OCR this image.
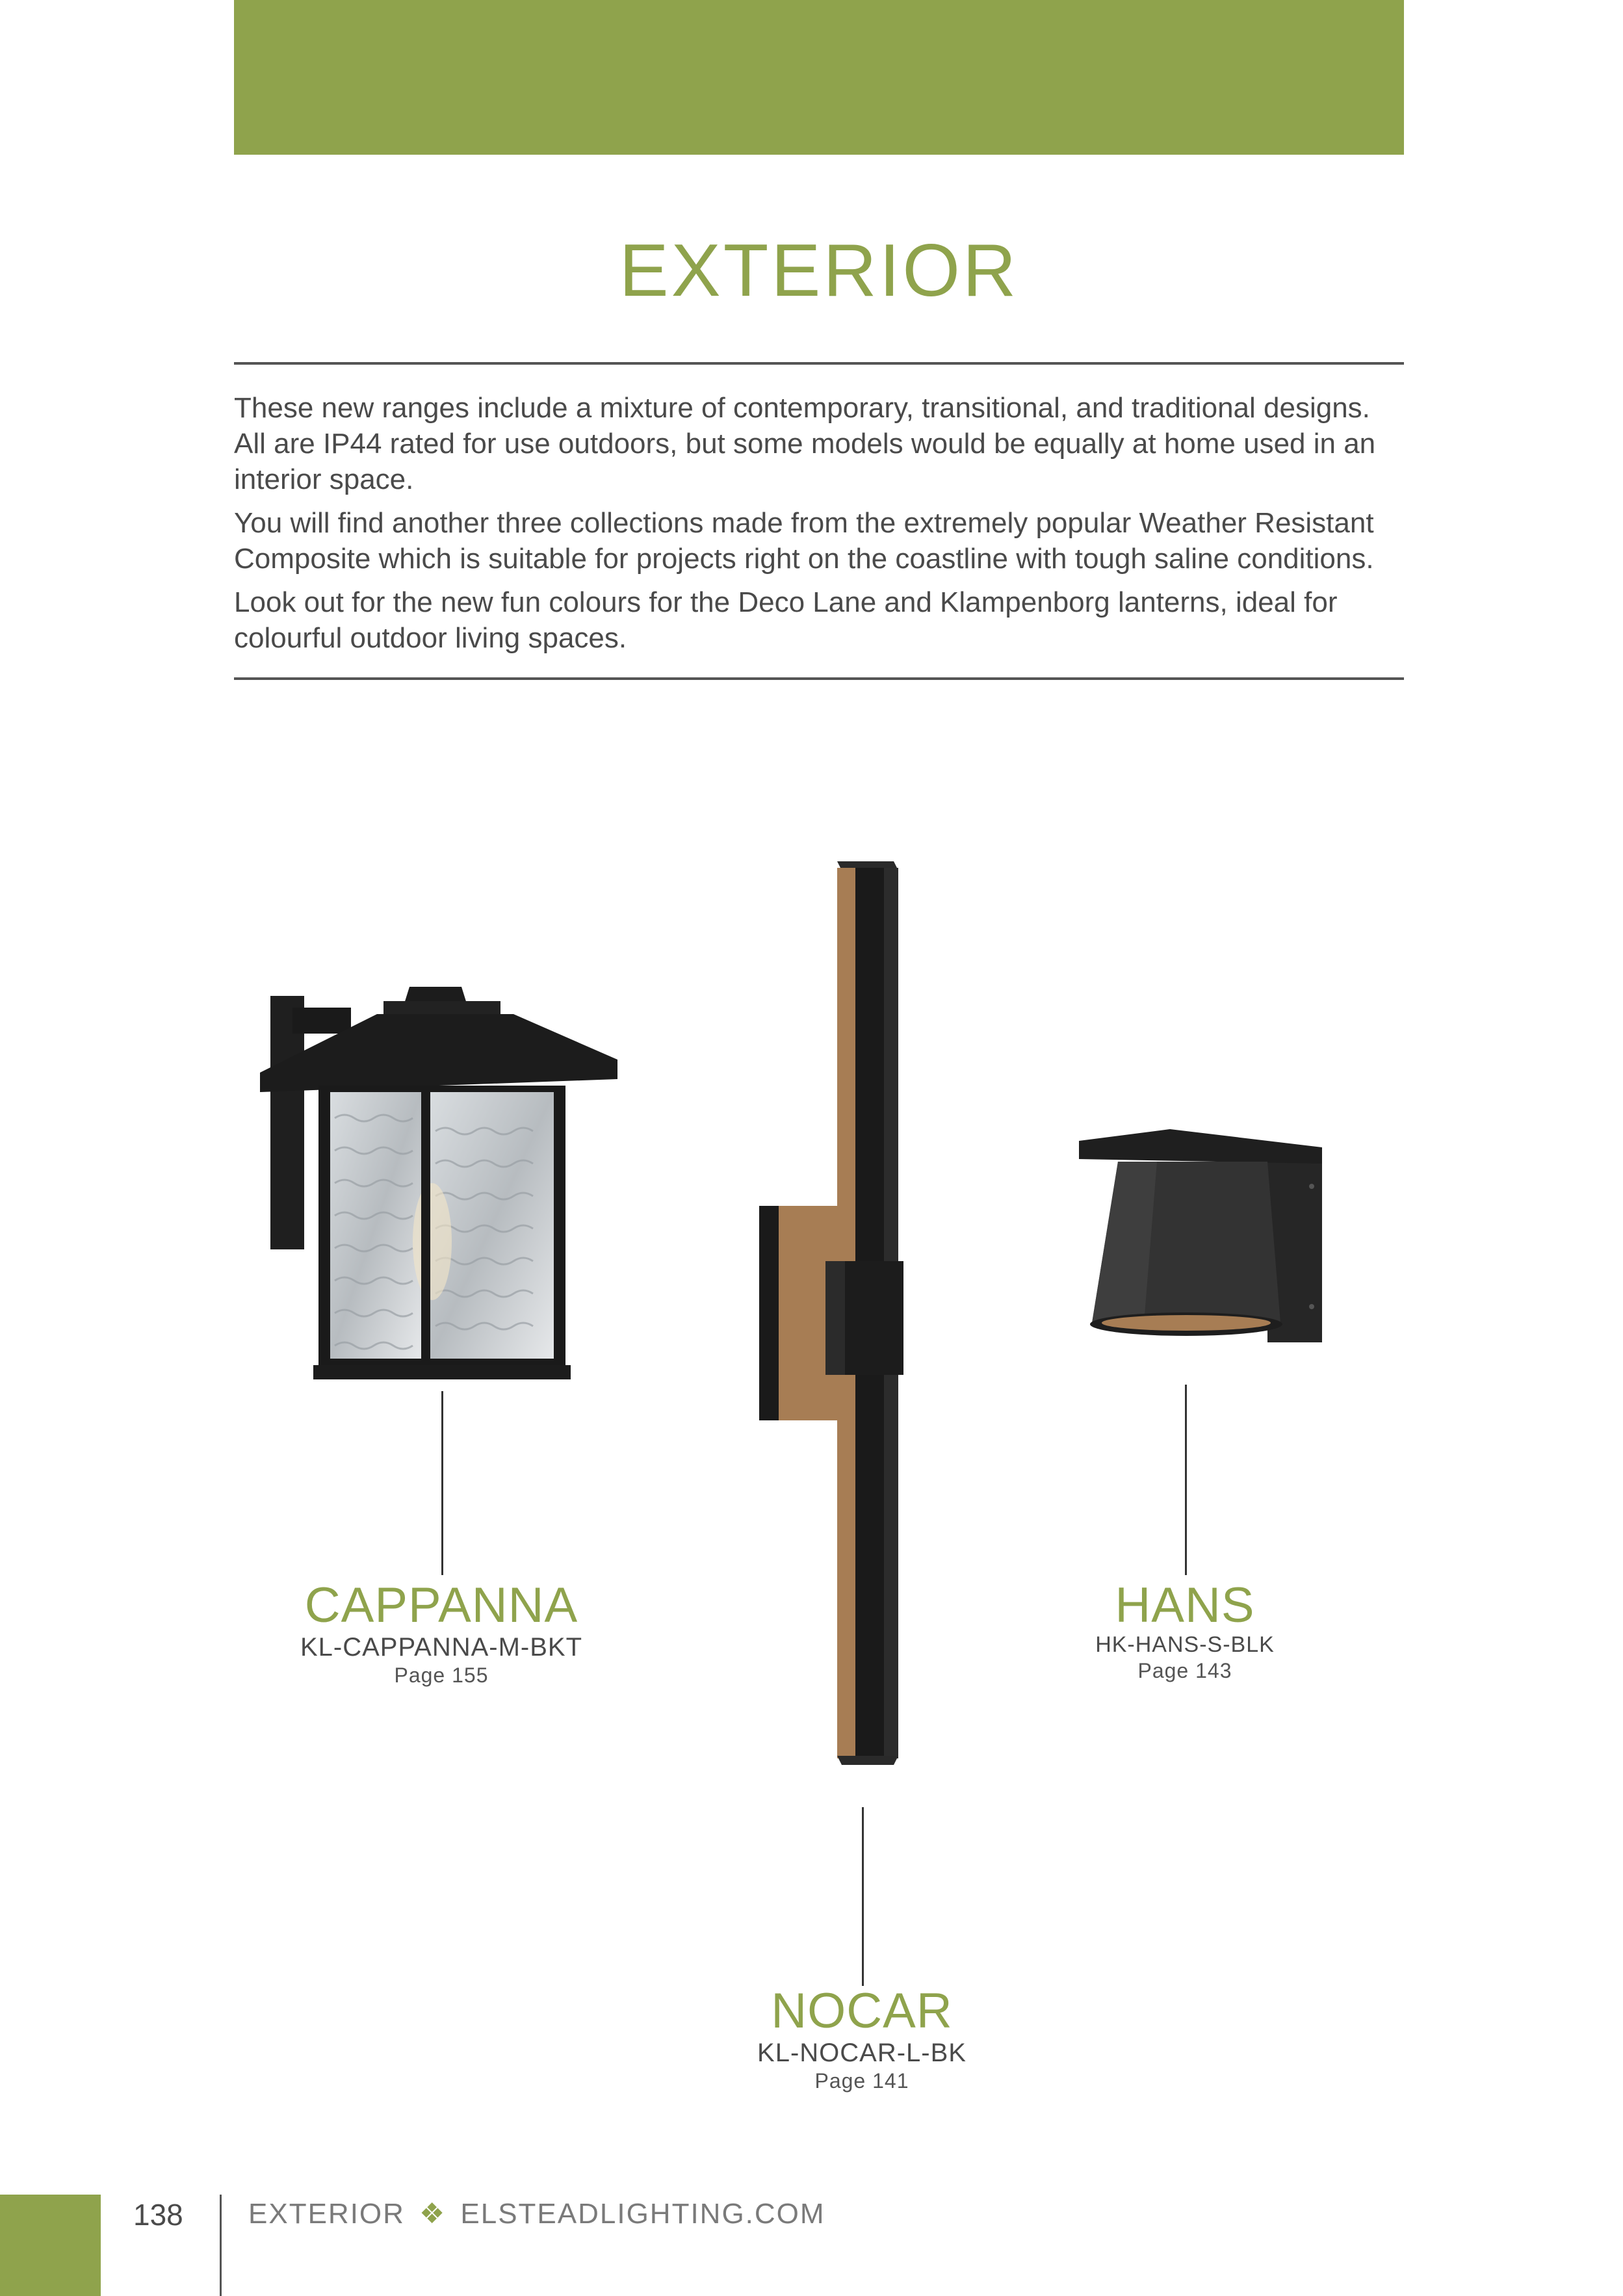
EXTERIOR

These new ranges include a mixture of contemporary, transitional, and traditional designs. All are IP44 rated for use outdoors, but some models would be equally at home used in an interior space.

You will find another three collections made from the extremely popular Weather Resistant Composite which is suitable for projects right on the coastline with tough saline conditions.

Look out for the new fun colours for the Deco Lane and Klampenborg lanterns, ideal for colourful outdoor living spaces.

CAPPANNA
KL-CAPPANNA-M-BKT
Page 155
NOCAR
KL-NOCAR-L-BK
Page 141
HANS
HK-HANS-S-BLK
Page 143
138 EXTERIOR ❖ ELSTEADLIGHTING.COM
